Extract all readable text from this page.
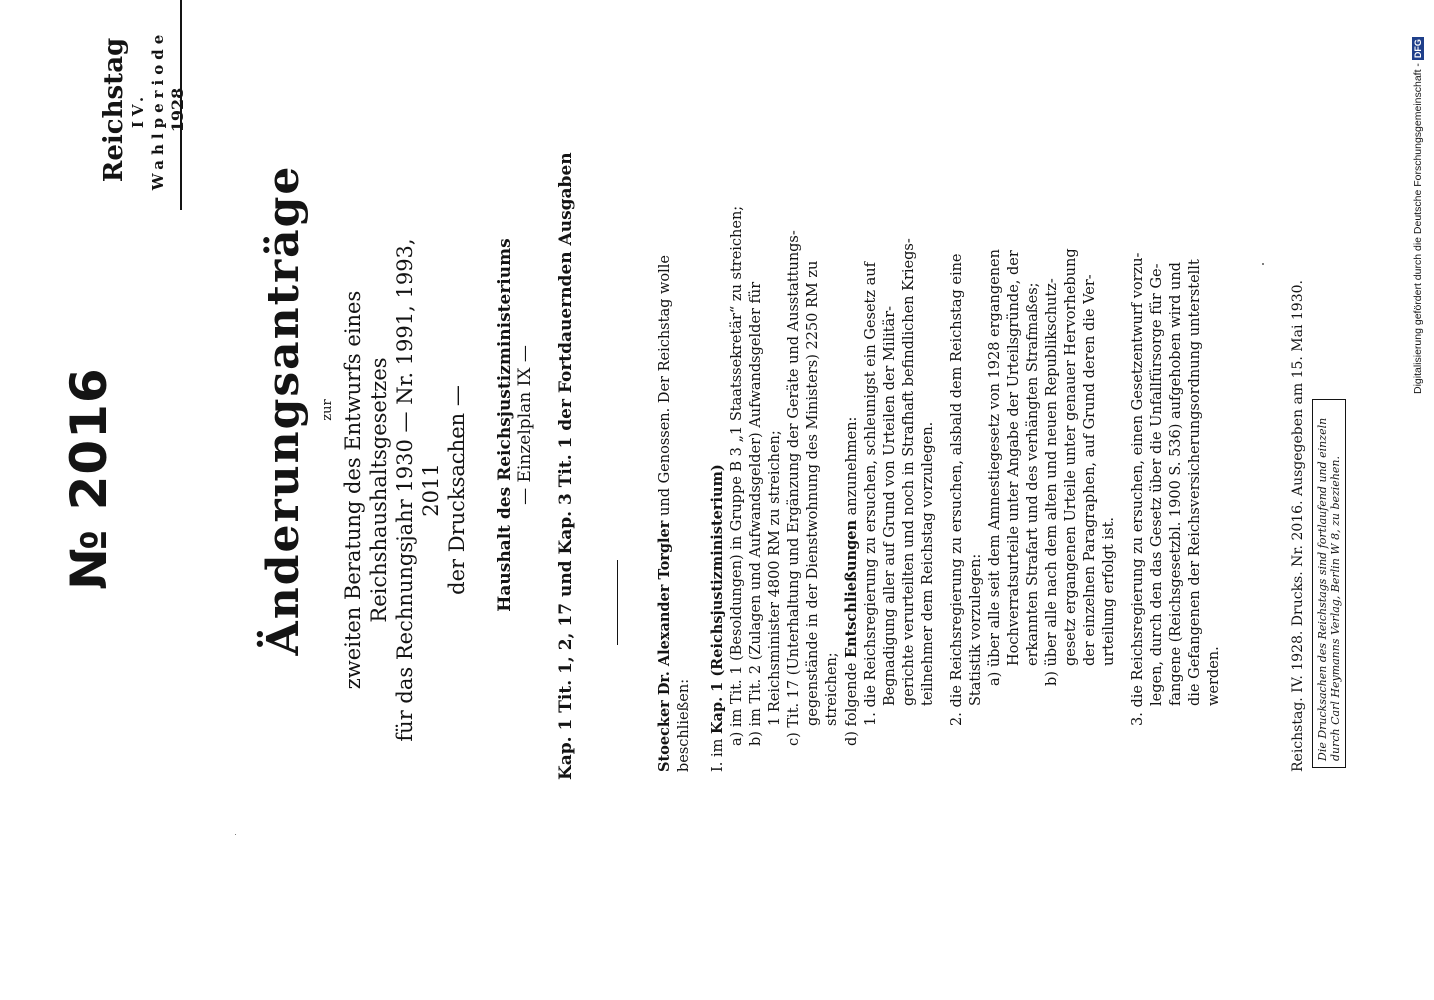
№ 2016
Reichstag IV. Wahlperiode 1928
Änderungsanträge zur zweiten Beratung des Entwurfs eines Reichshaushaltsgesetzes für das Rechnungsjahr 1930 — Nr. 1991, 1993, 2011 der Drucksachen — Haushalt des Reichsjustizministeriums — Einzelplan IX — Kap. 1 Tit. 1, 2, 17 und Kap. 3 Tit. 1 der Fortdauernden Ausgaben	Stoecker Dr. Alexander Torgler und Genossen. Der Reichstag wolle

beschließen: I. im Kap. 1 (Reichsjustizministerium) a) im Tit. 1 (Besoldungen) in Gruppe B 3 „1 Staatssekretär“ zu streichen; b) im Tit. 2 (Zulagen und Aufwandsgelder) Aufwandsgelder für 1 Reichsminister 4800 RM zu streichen; c) Tit. 17 (Unterhaltung und Ergänzung der Geräte und Ausstattungs- gegenstände in der Dienstwohnung des Ministers) 2250 RM zu streichen; d) folgende Entschließungen anzunehmen: 1. die Reichsregierung zu ersuchen, schleunigst ein Gesetz auf Begnadigung aller auf Grund von Urteilen der Militär- gerichte verurteilten und noch in Strafhaft befindlichen Kriegs- teilnehmer dem Reichstag vorzulegen. 2. die Reichsregierung zu ersuchen, alsbald dem Reichstag eine Statistik vorzulegen: a) über alle seit dem Amnestiegesetz von 1928 ergangenen Hochverratsurteile unter Angabe der Urteilsgründe, der erkannten Strafart und des verhängten Strafmaßes; b) über alle nach dem alten und neuen Republikschutz- gesetz ergangenen Urteile unter genauer Hervorhebung der einzelnen Paragraphen, auf Grund deren die Ver- urteilung erfolgt ist. 3. die Reichsregierung zu ersuchen, einen Gesetzentwurf vorzu- legen, durch den das Gesetz über die Unfallfürsorge für Ge- fangene (Reichsgesetzbl. 1900 S. 536) aufgehoben wird und die Gefangenen der Reichsversicherungsordnung unterstellt werden.	Reichstag. IV. 1928. Drucks. Nr. 2016. Ausgegeben am 15. Mai 1930. Die Drucksachen des Reichstags sind fortlaufend und einzeln durch Carl Heymanns Verlag, Berlin W 8, zu beziehen.
Digitalisierung gefördert durch die Deutsche Forschungsgemeinschaft -
DFG
